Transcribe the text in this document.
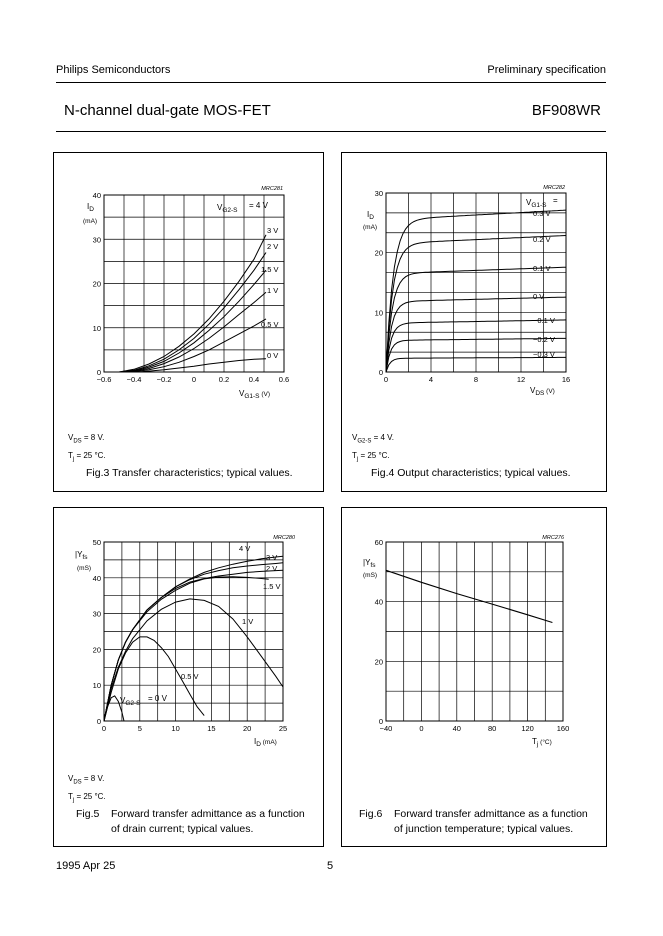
Philips Semiconductors	Preliminary specification
N-channel dual-gate MOS-FET	BF908WR
−0.6 −0.4 −0.2	0	0.2	0.4	0.6
0
10
20
30
40
MRC281
$I_D$
(mA)
$V_{G1-S}$ $^{(V)}$
$V_{G2-S}$
= 4 V
3 V
2 V
1.5 V
1 V
0.5 V
0 V
0	4	8	12	16
0
10
20
30
MRC282
$I_D$
(mA)
$V_{DS}$ $^{(V)}$
$V_{G1-S}$
=
0.3 V
0.2 V
0.1 V
0 V
−0.1 V
−0.2 V
−0.3 V
0	5	10	15	20	25
0
10
20
30
40
50	MRC280
$|Y_{fs}$
(mS)
$I_D$ $^{(mA)}$
$V_{G2-S}$
= 0 V
4 V
3 V
2 V
1.5 V
1 V
0.5 V
−40	0	40	80	120	160
0
20
40
60	MRC276
$|Y_{fs}$
(mS)
$T_j$ $^{(^\circ C)}$
$V_{DS} = 8$ V.
$T_j = 25$ °C.
Fig.3 Transfer characteristics; typical values.
$V_{G2-S} = 4$ V.
$T_j = 25$ °C.
Fig.4 Output characteristics; typical values.
$V_{DS} = 8$ V.
$T_j = 25$ °C.
Fig.5 Forward transfer admittance as a function
of drain current; typical values.
Fig.6 Forward transfer admittance as a function
of junction temperature; typical values.
1995 Apr 25	5
